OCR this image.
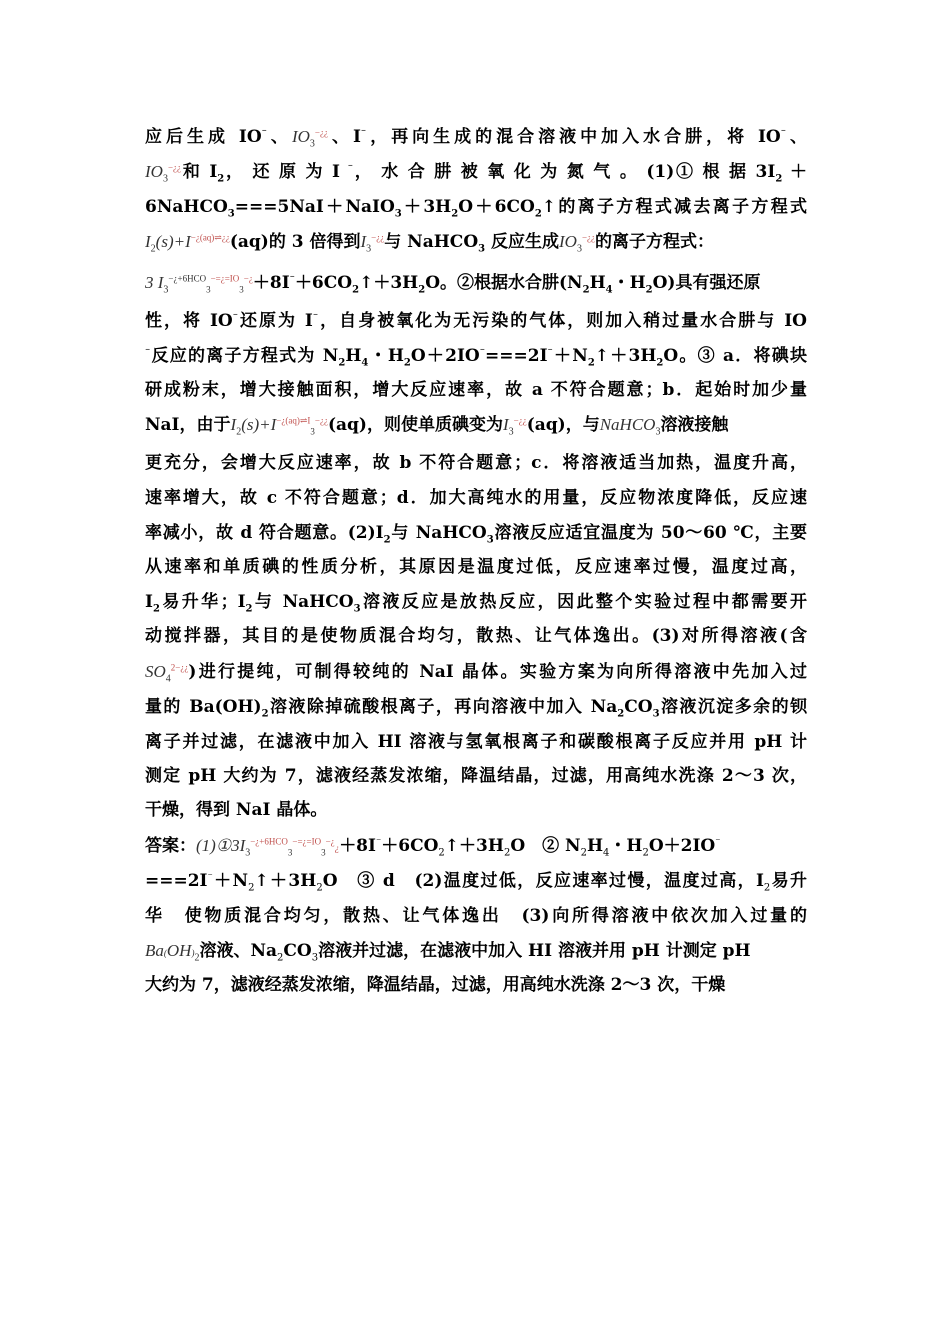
应后生成 IO⁻、$IO_3^{-¿¿}$、I⁻，再向生成的混合溶液中加入水合肼，将 IO⁻、
$IO_3^{-¿¿}$和 $I_2$， 还 原 为 I ⁻， 水 合 肼 被 氧 化 为 氮 气 。 (1)① 根 据 $3I_2$ ＋
$6NaHCO_3===5NaI+NaIO_3+3H_2O+6CO_2↑$的离子方程式减去离子方程式
$I_2(s)+I^{-¿(aq)\rightleftharpoons¿¿}(aq)$的 3 倍得到$I_3^{-¿¿}$与 NaHCO$_3$ 反应生成$IO_3^{-¿¿}$的离子方程式：
3 $I_3^{-¿+6HCO}_3^{-=¿=IO}_3^{-¿}+8I^{^-}+6CO_2↑+3H_2O$。②根据水合肼($N_2H_4$・$H_2O$)具有强还原
性，将 IO⁻还原为 I⁻，自身被氧化为无污染的气体，则加入稍过量水合肼与 IO
⁻反应的离子方程式为 $N_2H_4$・$H_2O+2IO^{^-}===2I^{^-}+N_2↑+3H_2O$。③ a．将碘块
研成粉末，增大接触面积，增大反应速率，故 a 不符合题意；b．起始时加少量
NaI，由于$I_2(s)+I^{-¿(aq)\rightleftharpoons I}_3^{-¿¿}(aq)$，则使单质碘变为$I_3^{-¿¿}(aq)$，与NaHCO$_3$溶液接触
更充分，会增大反应速率，故 b 不符合题意；c．将溶液适当加热，温度升高，
速率增大，故 c 不符合题意；d．加大高纯水的用量，反应物浓度降低，反应速
率减小，故 d 符合题意。$(2)I_2$与 NaHCO$_3$溶液反应适宜温度为 50～60 ℃，主要
从速率和单质碘的性质分析，其原因是温度过低，反应速率过慢，温度过高，
$I_2$易升华；$I_2$与 NaHCO$_3$溶液反应是放热反应，因此整个实验过程中都需要开
动搅拌器，其目的是使物质混合均匀，散热、让气体逸出。(3)对所得溶液(含
$SO_4^{2-¿¿}$)进行提纯，可制得较纯的 NaI 晶体。实验方案为向所得溶液中先加入过
量的 $Ba(OH)_2$溶液除掉硫酸根离子，再向溶液中加入 $Na_2CO_3$溶液沉淀多余的钡
离子并过滤，在滤液中加入 HI 溶液与氢氧根离子和碳酸根离子反应并用 pH 计
测定 pH 大约为 7，滤液经蒸发浓缩，降温结晶，过滤，用高纯水洗涤 2～3 次，
干燥，得到 NaI 晶体。
答案：$(1)①3I_3^{-¿+6HCO}_3^{-=¿=IO}_3^{-¿}¿+8I^{^-}+6CO_2↑+3H_2O$　② $N_2H_4$・$H_2O+2IO^{^-}$
$===2I^{^-}+N_2↑+3H_2O$　③ d　(2)温度过低，反应速率过慢，温度过高，$I_2$易升
华　使物质混合均匀，散热、让气体逸出　(3)向所得溶液中依次加入过量的
$Ba(OH)_2$溶液、$Na_2CO_3$溶液并过滤，在滤液中加入 HI 溶液并用 pH 计测定 pH
大约为 7，滤液经蒸发浓缩，降温结晶，过滤，用高纯水洗涤 2～3 次，干燥
